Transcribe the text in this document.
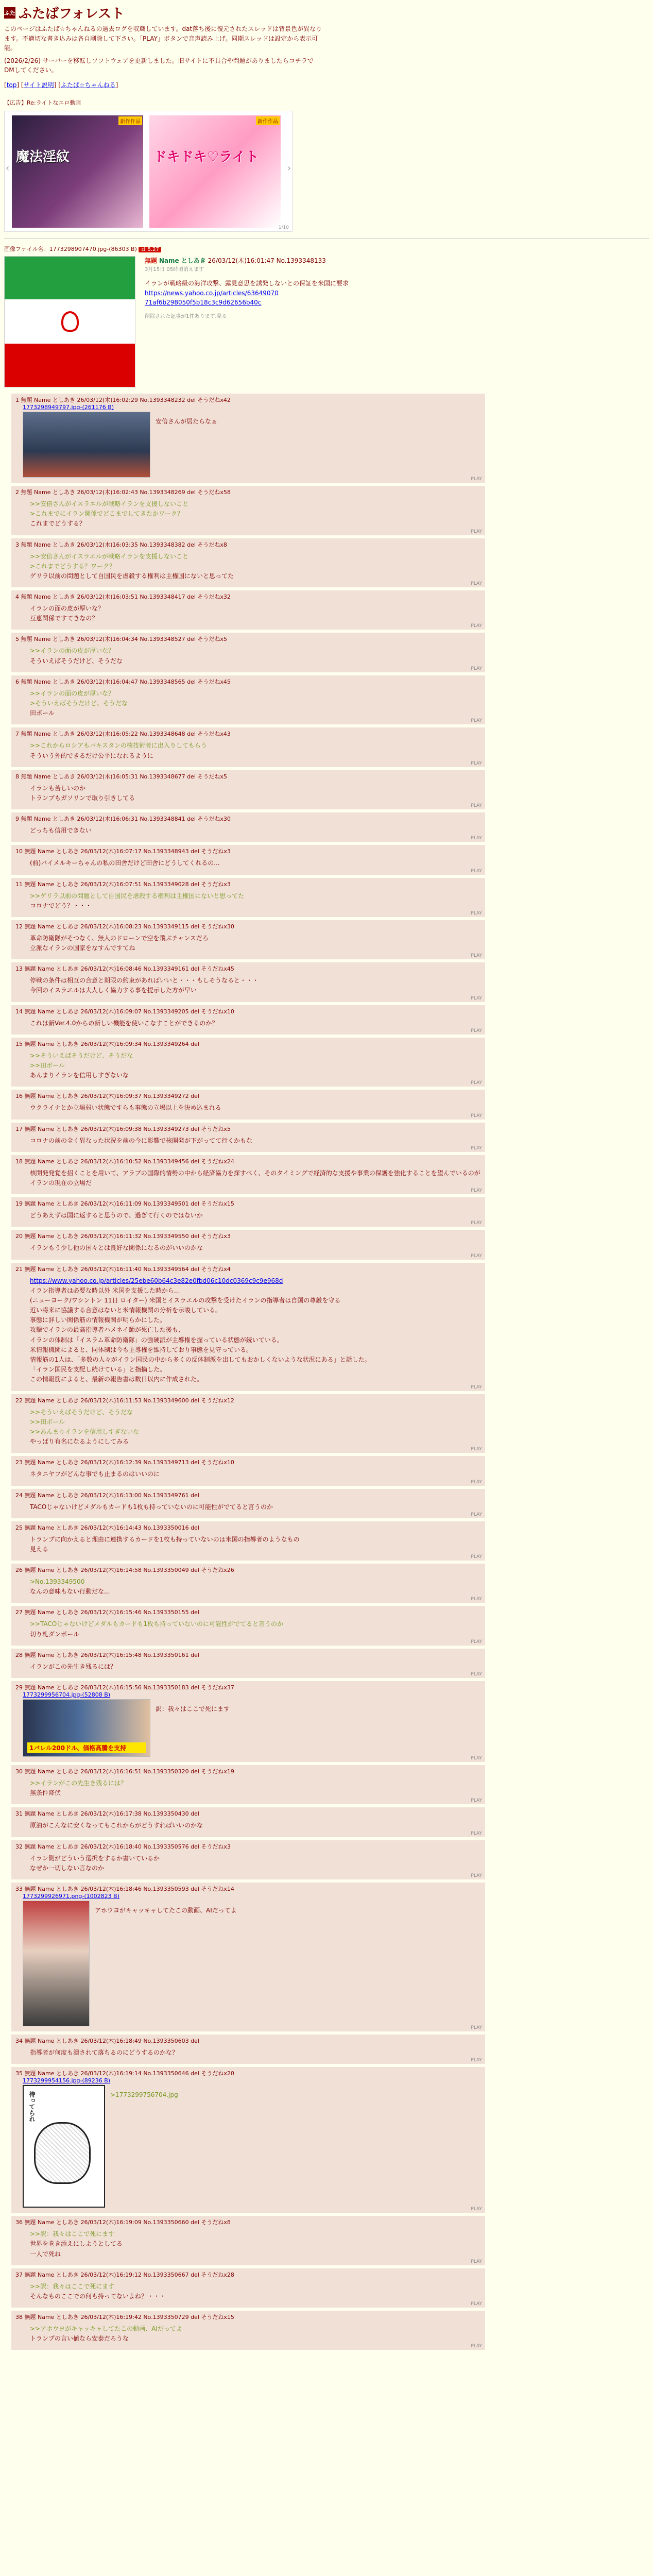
ふた ふたばフォレスト

このページはふたば☆ちゃんねるの過去ログを収蔵しています。dat落ち後に復元されたスレッドは背景色が異なります。不適切な書き込みは各自削除して下さい。「PLAY」ボタンで音声読み上げ。同期スレッドは設定から表示可能。

(2026/2/26) サーバーを移転しソフトウェアを更新しました。旧サイトに不具合や問題がありましたらコチラでDMしてください。

[top] [サイト説明] [ふたば☆ちゃんねる]
【広告】Re:ライトなエロ動画
‹
新作作品
魔法淫紋
新作作品
ドキドキ♡ライト
›
1/10
画像ファイル名：1773298907470.jpg-(86303 B) ｄ 5.27
無題 Name としあき 26/03/12(木)16:01:47 No.1393348133
3月15日 05時頃消えます
イランが戦略級の海洋攻撃、露見意思を誘発しないとの保証を米国に要求
https://news.yahoo.co.jp/articles/6364907071af6b298050f5b18c3c9d62656b40c
削除された記事が1件あります.見る
1 無題 Name としあき 26/03/12(木)16:02:29 No.1393348232 del そうだねx42
1773298949797.jpg-(261176 B)
安倍さんが居たらなぁ
PLAY
2 無題 Name としあき 26/03/12(木)16:02:43 No.1393348269 del そうだねx58
>>安倍さんがイスラエルが戦略イランを支援しないこと
>これまでにイラン関係でどこまでしてきたかワーク？
これまでどうする？
PLAY
3 無題 Name としあき 26/03/12(木)16:03:35 No.1393348382 del そうだねx8
>>安倍さんがイスラエルが戦略イランを支援しないこと
>これまでどうする？ワーク？
ゲリラ以前の問題として自国民を虐殺する権利は主権国にないと思ってた
PLAY
4 無題 Name としあき 26/03/12(木)16:03:51 No.1393348417 del そうだねx32
イランの面の皮が厚いな？
互恵関係ですてきなの？
PLAY
5 無題 Name としあき 26/03/12(木)16:04:34 No.1393348527 del そうだねx5
>>イランの面の皮が厚いな？
そういえばそうだけど、そうだな
PLAY
6 無題 Name としあき 26/03/12(木)16:04:47 No.1393348565 del そうだねx45
>>イランの面の皮が厚いな？
>そういえばそうだけど、そうだな
田ボール
PLAY
7 無題 Name としあき 26/03/12(木)16:05:22 No.1393348648 del そうだねx43
>>これからロシアもパキスタンの核技術者に出入りしてもらう
そういう外的できるだけ公平になれるように
PLAY
8 無題 Name としあき 26/03/12(木)16:05:31 No.1393348677 del そうだねx5
イランも苦しいのか
トランプもガソリンで取り引きしてる
PLAY
9 無題 Name としあき 26/03/12(木)16:06:31 No.1393348841 del そうだねx30
どっちも信用できない
PLAY
10 無題 Name としあき 26/03/12(木)16:07:17 No.1393348943 del そうだねx3
(前)バイメルキーちゃんの私の田舎だけど田舎にどうしてくれるの...
PLAY
11 無題 Name としあき 26/03/12(木)16:07:51 No.1393349028 del そうだねx3
>>ゲリラ以前の問題として自国民を虐殺する権利は主権国にないと思ってた
コロナでどう？・・・
PLAY
12 無題 Name としあき 26/03/12(木)16:08:23 No.1393349115 del そうだねx30
革命防衛隊がそつなく、無人のドローンで空を飛ぶチャンスだろ
立派なイランの国家をなすんですてね
PLAY
13 無題 Name としあき 26/03/12(木)16:08:46 No.1393349161 del そうだねx45
停戦の条件は相互の合意と期限の約束があればいいと・・・もしそうなると・・・
今回のイスラエルは大人しく協力する事を提示した方が早い
PLAY
14 無題 Name としあき 26/03/12(木)16:09:07 No.1393349205 del そうだねx10
これは新Ver.4.0からの新しい機能を使いこなすことができるのか？
PLAY
15 無題 Name としあき 26/03/12(木)16:09:34 No.1393349264 del
>>そういえばそうだけど、そうだな
>>田ボール
あんまりイランを信用しすぎないな
PLAY
16 無題 Name としあき 26/03/12(木)16:09:37 No.1393349272 del
ウクライナとか立場弱い状態ですらも事態の立場以上を決め込まれる
PLAY
17 無題 Name としあき 26/03/12(木)16:09:38 No.1393349273 del そうだねx5
コロナの前の全く異なった状況を前の今に影響で核開発が下がってて行くかもな
PLAY
18 無題 Name としあき 26/03/12(木)16:10:52 No.1393349456 del そうだねx24
核開発発覚を招くことを用いて、アラブの国際的情勢の中から経済協力を探すべく、そのタイミングで経済的な支援や事業の保護を強化することを望んでいるのがイランの現在の立場だ
PLAY
19 無題 Name としあき 26/03/12(木)16:11:09 No.1393349501 del そうだねx15
どうあえずは国に返すると思うので、過ぎて行くのではないか
PLAY
20 無題 Name としあき 26/03/12(木)16:11:32 No.1393349550 del そうだねx3
イランもう少し他の国々とは良好な関係になるのがいいのかな
PLAY
21 無題 Name としあき 26/03/12(木)16:11:40 No.1393349564 del そうだねx4
https://www.yahoo.co.jp/articles/25ebe60b64c3e82e0fbd06c10dc0369c9c9e968d
イラン指導者は必要な時以外 米国を支援した時から...
(ニューヨーク/ワシントン 11日 ロイター) 米国とイスラエルの攻撃を受けたイランの指導者は自国の尊厳を守る
近い将来に協議する合意はないと米情報機関の分析を示唆している。
事態に詳しい関係筋の情報機関が明らかにした。
攻撃でイランの最高指導者ハメネイ師が死亡した後も、
イランの体制は「イスラム革命防衛隊」の強硬派が主導権を握っている状態が続いている。
米情報機関によると、同体制は今も主導権を維持しており事態を見守っている。
情報筋の1人は、「多数の人々がイラン国民の中から多くの反体制派を出してもおかしくないような状況にある」と話した。
「イラン国民を支配し続けている」と指摘した。
この情報筋によると、最新の報告書は数日以内に作成された。
PLAY
22 無題 Name としあき 26/03/12(木)16:11:53 No.1393349600 del そうだねx12
>>そういえばそうだけど、そうだな
>>田ボール
>>あんまりイランを信用しすぎないな
やっぱり有名になるようにしてみる
PLAY
23 無題 Name としあき 26/03/12(木)16:12:39 No.1393349713 del そうだねx10
ネタニヤフがどんな事でも止まるのはいいのに
PLAY
24 無題 Name としあき 26/03/12(木)16:13:00 No.1393349761 del
TACOじゃないけどメダルもカードも1枚も持っていないのに可能性がでてると言うのか
PLAY
25 無題 Name としあき 26/03/12(木)16:14:43 No.1393350016 del
トランプに向かえると理由に連携するカードを1枚も持っていないのは米国の指導者のようなもの
見える
PLAY
26 無題 Name としあき 26/03/12(木)16:14:58 No.1393350049 del そうだねx26
>No.1393349500
なんの意味もない行動だな...
PLAY
27 無題 Name としあき 26/03/12(木)16:15:46 No.1393350155 del
>>TACOじゃないけどメダルもカードも1枚も持っていないのに可能性がでてると言うのか
切り札ダンボール
PLAY
28 無題 Name としあき 26/03/12(木)16:15:48 No.1393350161 del
イランがこの先生き残るには？
PLAY
29 無題 Name としあき 26/03/12(木)16:15:56 No.1393350183 del そうだねx37
1773299956704.jpg-(52808 B)
1バレル200ドル、価格高騰を支持
訳：我々はここで死にます
PLAY
30 無題 Name としあき 26/03/12(木)16:16:51 No.1393350320 del そうだねx19
>>イランがこの先生き残るには？
無条件降伏
PLAY
31 無題 Name としあき 26/03/12(木)16:17:38 No.1393350430 del
原油がこんなに安くなってもこれからがどうすればいいのかな
PLAY
32 無題 Name としあき 26/03/12(木)16:18:40 No.1393350576 del そうだねx3
イラン側がどういう選択をするか書いているか
なぜか一切しない言なのか
PLAY
33 無題 Name としあき 26/03/12(木)16:18:46 No.1393350593 del そうだねx14
1773299926971.png-(1002823 B)
アホウヨがキャッキャしてたこの動画、AIだってよ
PLAY
34 無題 Name としあき 26/03/12(木)16:18:49 No.1393350603 del
指導者が何度も潰されて落ちるのにどうするのかな？
PLAY
35 無題 Name としあき 26/03/12(木)16:19:14 No.1393350646 del そうだねx20
1773299954156.jpg-(89236 B)
待ってられ	>1773299756704.jpg
PLAY
36 無題 Name としあき 26/03/12(木)16:19:09 No.1393350660 del そうだねx8
>>訳：我々はここで死にます
世界を巻き添えにしようとしてる
一人で死ね
PLAY
37 無題 Name としあき 26/03/12(木)16:19:12 No.1393350667 del そうだねx28
>>訳：我々はここで死にます
そんなものここでの何も持ってないよね？・・・
PLAY
38 無題 Name としあき 26/03/12(木)16:19:42 No.1393350729 del そうだねx15
>>アホウヨがキャッキャしてたこの動画、AIだってよ
トランプの言い値なら安泰だろうな
PLAY
